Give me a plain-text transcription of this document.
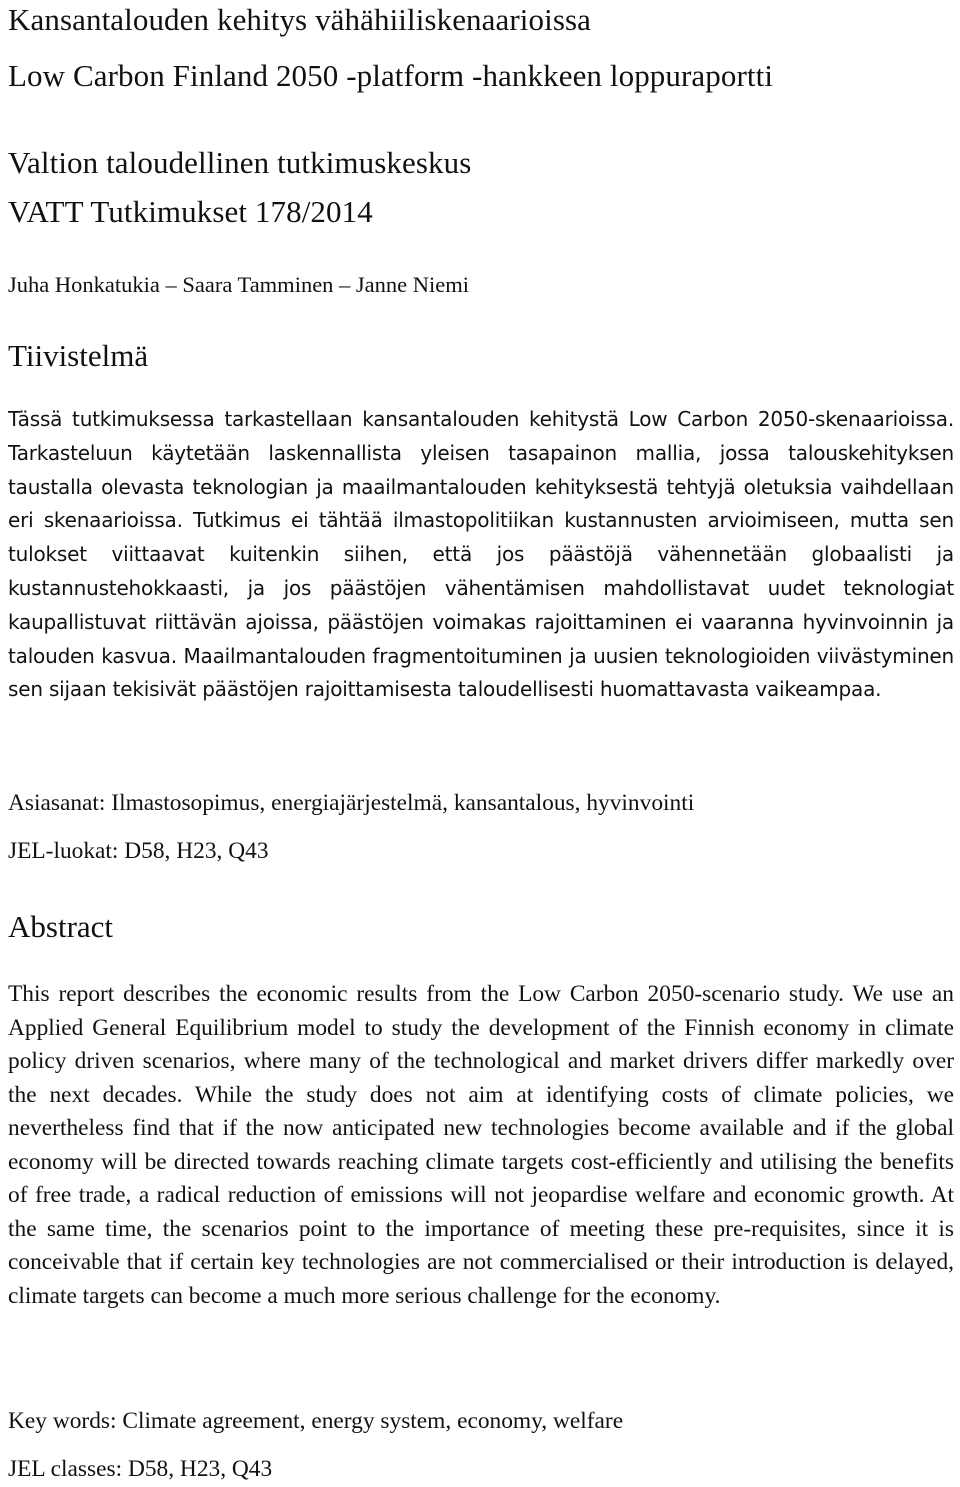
Kansantalouden kehitys vähähiiliskenaarioissa
Low Carbon Finland 2050 -platform -hankkeen loppuraportti
Valtion taloudellinen tutkimuskeskus
VATT Tutkimukset 178/2014
Juha Honkatukia – Saara Tamminen – Janne Niemi
Tiivistelmä
Tässä tutkimuksessa tarkastellaan kansantalouden kehitystä Low Carbon 2050-skenaarioissa. Tarkasteluun käytetään laskennallista yleisen tasapainon mallia, jossa talouskehityksen taustalla olevasta teknologian ja maailmantalouden kehityksestä tehtyjä oletuksia vaihdellaan eri skenaarioissa. Tutkimus ei tähtää ilmastopolitiikan kustannusten arvioimiseen, mutta sen tulokset viittaavat kuitenkin siihen, että jos päästöjä vähennetään globaalisti ja kustannustehokkaasti, ja jos päästöjen vähentämisen mahdollistavat uudet teknologiat kaupallistuvat riittävän ajoissa, päästöjen voimakas rajoittaminen ei vaaranna hyvinvoinnin ja talouden kasvua. Maailmantalouden fragmentoituminen ja uusien teknologioiden viivästyminen sen sijaan tekisivät päästöjen rajoittamisesta taloudellisesti huomattavasta vaikeampaa.
Asiasanat: Ilmastosopimus, energiajärjestelmä, kansantalous, hyvinvointi
JEL-luokat: D58, H23, Q43
Abstract
This report describes the economic results from the Low Carbon 2050-scenario study. We use an Applied General Equilibrium model to study the development of the Finnish economy in climate policy driven scenarios, where many of the technological and market drivers differ markedly over the next decades. While the study does not aim at identifying costs of climate policies, we nevertheless find that if the now anticipated new technologies become available and if the global economy will be directed towards reaching climate targets cost-efficiently and utilising the benefits of free trade, a radical reduction of emissions will not jeopardise welfare and economic growth. At the same time, the scenarios point to the importance of meeting these pre-requisites, since it is conceivable that if certain key technologies are not commercialised or their introduction is delayed, climate targets can become a much more serious challenge for the economy.
Key words: Climate agreement, energy system, economy, welfare
JEL classes: D58, H23, Q43
